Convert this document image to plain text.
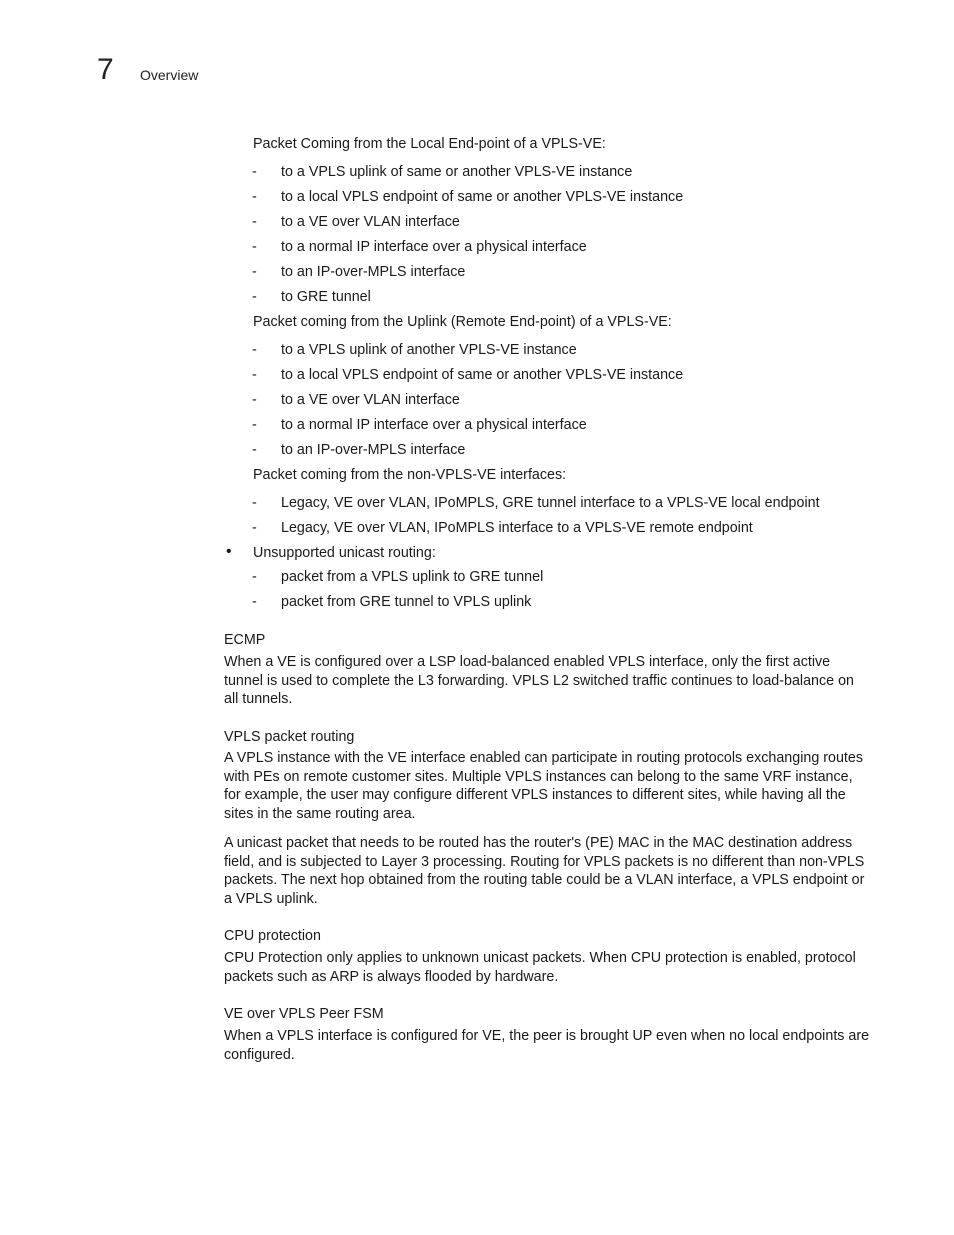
7 Overview
Packet Coming from the Local End-point of a VPLS-VE:
- to a VPLS uplink of same or another VPLS-VE instance
- to a local VPLS endpoint of same or another VPLS-VE instance
- to a VE over VLAN interface
- to a normal IP interface over a physical interface
- to an IP-over-MPLS interface
- to GRE tunnel
Packet coming from the Uplink (Remote End-point) of a VPLS-VE:
- to a VPLS uplink of another VPLS-VE instance
- to a local VPLS endpoint of same or another VPLS-VE instance
- to a VE over VLAN interface
- to a normal IP interface over a physical interface
- to an IP-over-MPLS interface
Packet coming from the non-VPLS-VE interfaces:
- Legacy, VE over VLAN, IPoMPLS, GRE tunnel interface to a VPLS-VE local endpoint
- Legacy, VE over VLAN, IPoMPLS interface to a VPLS-VE remote endpoint
• Unsupported unicast routing:
- packet from a VPLS uplink to GRE tunnel
- packet from GRE tunnel to VPLS uplink
ECMP

When a VE is configured over a LSP load-balanced enabled VPLS interface, only the first active tunnel is used to complete the L3 forwarding. VPLS L2 switched traffic continues to load-balance on all tunnels.

VPLS packet routing

A VPLS instance with the VE interface enabled can participate in routing protocols exchanging routes with PEs on remote customer sites. Multiple VPLS instances can belong to the same VRF instance, for example, the user may configure different VPLS instances to different sites, while having all the sites in the same routing area.

A unicast packet that needs to be routed has the router's (PE) MAC in the MAC destination address field, and is subjected to Layer 3 processing. Routing for VPLS packets is no different than non-VPLS packets. The next hop obtained from the routing table could be a VLAN interface, a VPLS endpoint or a VPLS uplink.

CPU protection

CPU Protection only applies to unknown unicast packets. When CPU protection is enabled, protocol packets such as ARP is always flooded by hardware.

VE over VPLS Peer FSM

When a VPLS interface is configured for VE, the peer is brought UP even when no local endpoints are configured.
